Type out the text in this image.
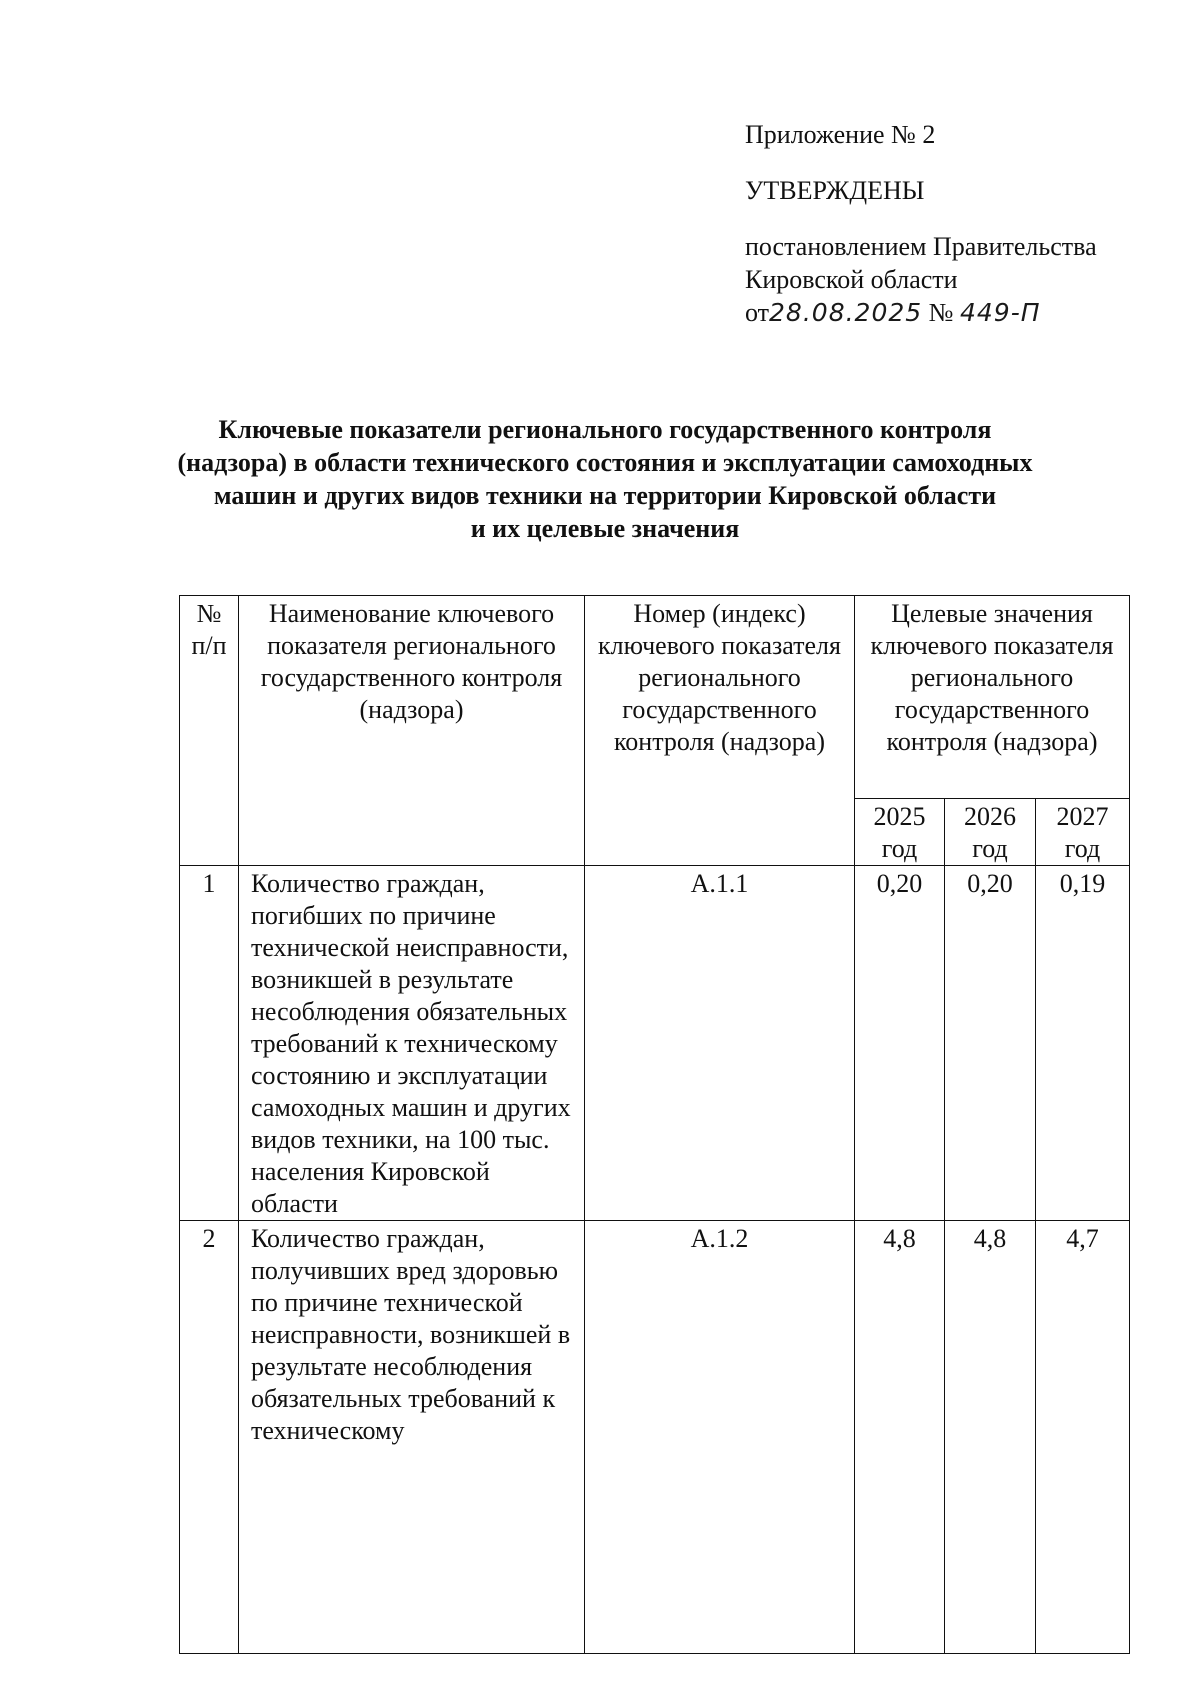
Приложение № 2
УТВЕРЖДЕНЫ
постановлением Правительства
Кировской области
от28.08.2025 № 449-П
Ключевые показатели регионального государственного контроля
(надзора) в области технического состояния и эксплуатации самоходных
машин и других видов техники на территории Кировской области
и их целевые значения
№ п/п	Наименование ключевого показателя регионального государственного контроля (надзора)	Номер (индекс) ключевого показателя регионального государственного контроля (надзора)	Целевые значения ключевого показателя регионального государственного контроля (надзора)		
			2025 год	2026 год	2027 год
1	Количество граждан, погибших по причине технической неисправности, возникшей в результате несоблюдения обязательных требований к техническому состоянию и эксплуатации самоходных машин и других видов техники, на 100 тыс. населения Кировской области	А.1.1	0,20	0,20	0,19
2	Количество граждан, получивших вред здоровью по причине технической неисправности, возникшей в результате несоблюдения обязательных требований к техническому	А.1.2	4,8	4,8	4,7
